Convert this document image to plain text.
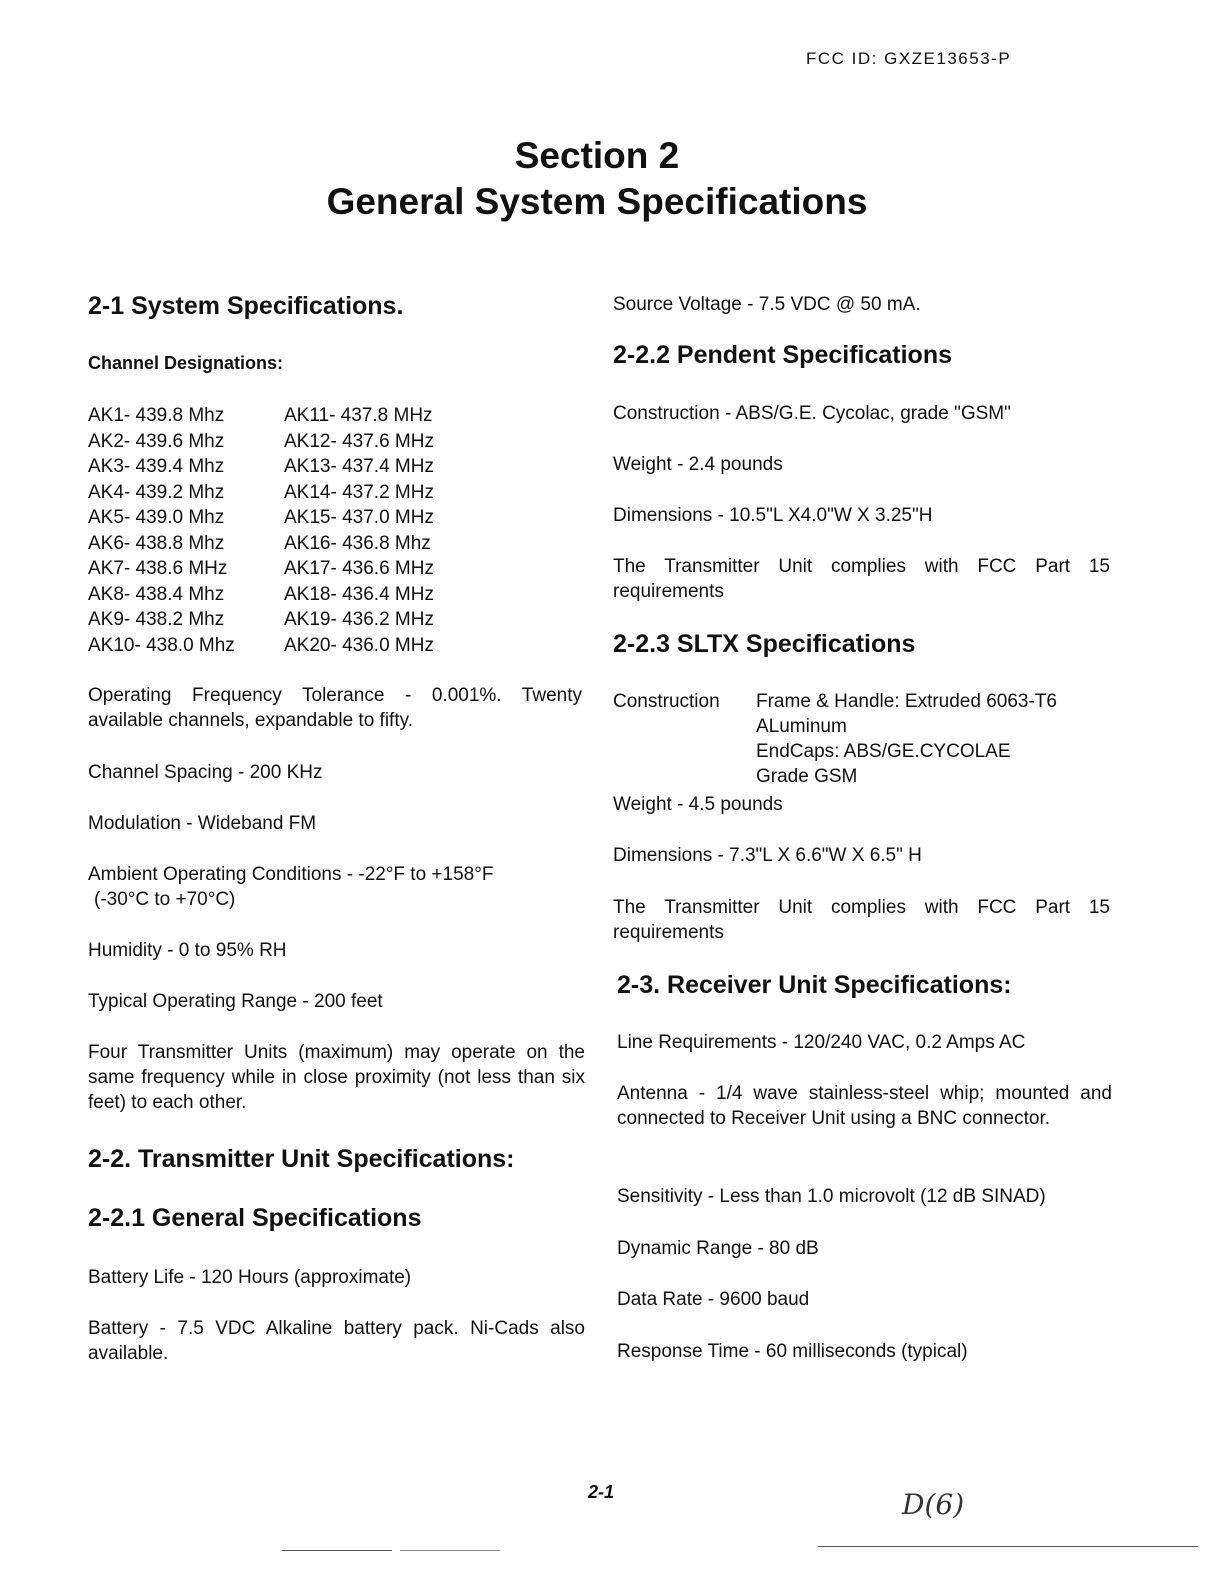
FCC ID: GXZE13653-P
Section 2
General System Specifications
2-1 System Specifications.
Channel Designations:
AK1- 439.8 Mhz
AK2- 439.6 Mhz
AK3- 439.4 Mhz
AK4- 439.2 Mhz
AK5- 439.0 Mhz
AK6- 438.8 Mhz
AK7- 438.6 MHz
AK8- 438.4 Mhz
AK9- 438.2 Mhz
AK10- 438.0 Mhz
AK11- 437.8 MHz
AK12- 437.6 MHz
AK13- 437.4 MHz
AK14- 437.2 MHz
AK15- 437.0 MHz
AK16- 436.8 Mhz
AK17- 436.6 MHz
AK18- 436.4 MHz
AK19- 436.2 MHz
AK20- 436.0 MHz
Operating Frequency Tolerance - 0.001%. Twenty available channels, expandable to fifty.
Channel Spacing - 200 KHz
Modulation - Wideband FM
Ambient Operating Conditions - -22°F to +158°F
(-30°C to +70°C)
Humidity - 0 to 95% RH
Typical Operating Range - 200 feet
Four Transmitter Units (maximum) may operate on the same frequency while in close proximity (not less than six feet) to each other.
2-2. Transmitter Unit Specifications:
2-2.1 General Specifications
Battery Life - 120 Hours (approximate)
Battery - 7.5 VDC Alkaline battery pack. Ni-Cads also available.
Source Voltage - 7.5 VDC @ 50 mA.
2-2.2 Pendent Specifications
Construction - ABS/G.E. Cycolac, grade "GSM"
Weight - 2.4 pounds
Dimensions - 10.5"L X4.0"W X 3.25"H
The Transmitter Unit complies with FCC Part 15 requirements
2-2.3 SLTX Specifications
Construction Frame & Handle: Extruded 6063-T6
ALuminum
EndCaps: ABS/GE.CYCOLAE
Grade GSM
Weight - 4.5 pounds
Dimensions - 7.3"L X 6.6"W X 6.5" H
The Transmitter Unit complies with FCC Part 15 requirements
2-3. Receiver Unit Specifications:
Line Requirements - 120/240 VAC, 0.2 Amps AC
Antenna - 1/4 wave stainless-steel whip; mounted and connected to Receiver Unit using a BNC connector.
Sensitivity - Less than 1.0 microvolt (12 dB SINAD)
Dynamic Range - 80 dB
Data Rate - 9600 baud
Response Time - 60 milliseconds (typical)
2-1	D(6)
